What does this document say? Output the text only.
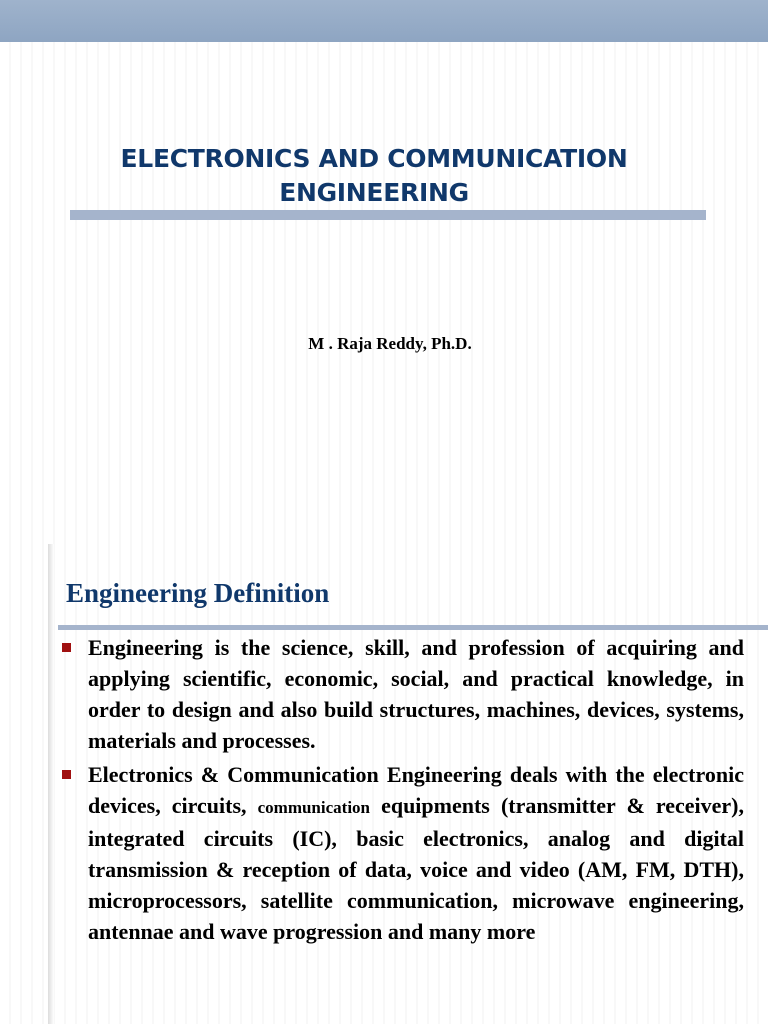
ELECTRONICS AND COMMUNICATION ENGINEERING
M . Raja Reddy, Ph.D.
Engineering Definition
Engineering is the science, skill, and profession of acquiring and applying scientific, economic, social, and practical knowledge, in order to design and also build structures, machines, devices, systems, materials and processes.
Electronics & Communication Engineering deals with the electronic devices, circuits, communication equipments (transmitter & receiver), integrated circuits (IC), basic electronics, analog and digital transmission & reception of data, voice and video (AM, FM, DTH), microprocessors, satellite communication, microwave engineering, antennae and wave progression and many more
